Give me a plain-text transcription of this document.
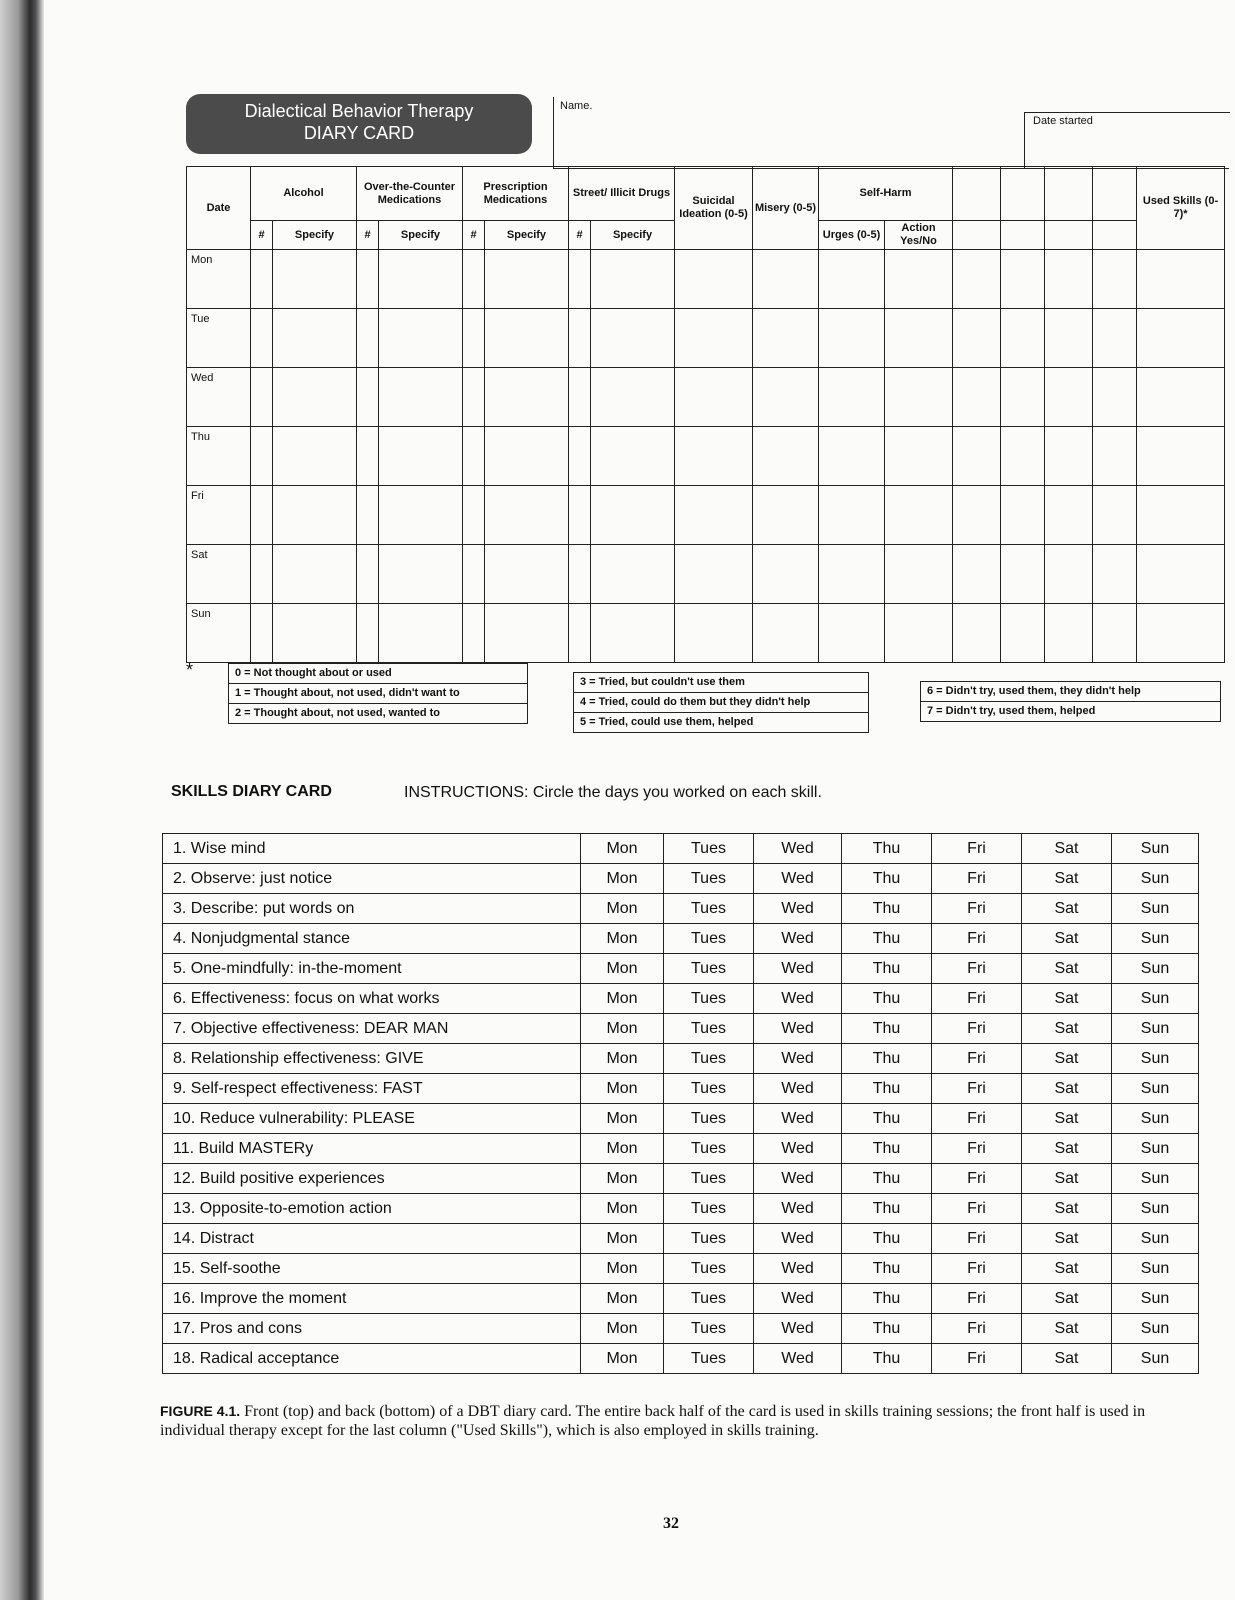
Dialectical Behavior Therapy
DIARY CARD
Name.
Date started
Date	Alcohol		Over-the-Counter Medications		Prescription Medications		Street/ Illicit Drugs		Suicidal Ideation (0-5)	Misery (0-5)	Self-Harm						Used Skills (0-7)*
	#	Specify	#	Specify	#	Specify	#	Specify			Urges (0-5)	Action Yes/No					
Mon																	
Tue																	
Wed																	
Thu																	
Fri																	
Sat																	
Sun																	
*	0 = Not thought about or used
1 = Thought about, not used, didn't want to
2 = Thought about, not used, wanted to
3 = Tried, but couldn't use them
4 = Tried, could do them but they didn't help
5 = Tried, could use them, helped
6 = Didn't try, used them, they didn't help
7 = Didn't try, used them, helped
SKILLS DIARY CARD	INSTRUCTIONS: Circle the days you worked on each skill.
1. Wise mind	Mon	Tues	Wed	Thu	Fri	Sat	Sun
2. Observe: just notice	Mon	Tues	Wed	Thu	Fri	Sat	Sun
3. Describe: put words on	Mon	Tues	Wed	Thu	Fri	Sat	Sun
4. Nonjudgmental stance	Mon	Tues	Wed	Thu	Fri	Sat	Sun
5. One-mindfully: in-the-moment	Mon	Tues	Wed	Thu	Fri	Sat	Sun
6. Effectiveness: focus on what works	Mon	Tues	Wed	Thu	Fri	Sat	Sun
7. Objective effectiveness: DEAR MAN	Mon	Tues	Wed	Thu	Fri	Sat	Sun
8. Relationship effectiveness: GIVE	Mon	Tues	Wed	Thu	Fri	Sat	Sun
9. Self-respect effectiveness: FAST	Mon	Tues	Wed	Thu	Fri	Sat	Sun
10. Reduce vulnerability: PLEASE	Mon	Tues	Wed	Thu	Fri	Sat	Sun
11. Build MASTERy	Mon	Tues	Wed	Thu	Fri	Sat	Sun
12. Build positive experiences	Mon	Tues	Wed	Thu	Fri	Sat	Sun
13. Opposite-to-emotion action	Mon	Tues	Wed	Thu	Fri	Sat	Sun
14. Distract	Mon	Tues	Wed	Thu	Fri	Sat	Sun
15. Self-soothe	Mon	Tues	Wed	Thu	Fri	Sat	Sun
16. Improve the moment	Mon	Tues	Wed	Thu	Fri	Sat	Sun
17. Pros and cons	Mon	Tues	Wed	Thu	Fri	Sat	Sun
18. Radical acceptance	Mon	Tues	Wed	Thu	Fri	Sat	Sun
FIGURE 4.1. Front (top) and back (bottom) of a DBT diary card. The entire back half of the card is used in skills training sessions; the front half is used in individual therapy except for the last column ("Used Skills"), which is also employed in skills training.
32
